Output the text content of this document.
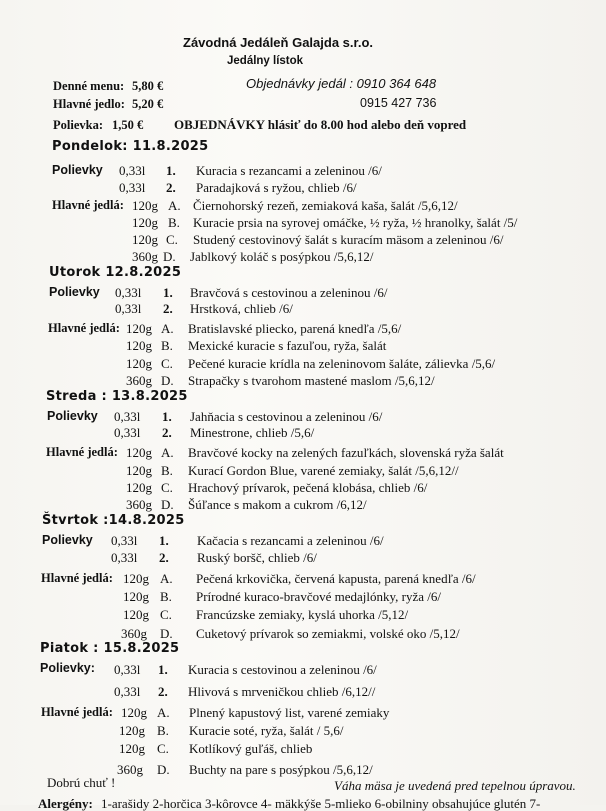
Závodná Jedáleň Galajda s.r.o.
Jedálny lístok
Denné menu: 5,80 €	Objednávky jedál : 0910 364 648
Hlavné jedlo: 5,20 €	0915 427 736
Polievka: 1,50 € OBJEDNÁVKY hlásiť do 8.00 hod alebo deň vopred
Pondelok: 11.8.2025
Polievky 0,33l 1. Kuracia s rezancami a zeleninou /6/
0,33l 2. Paradajková s ryžou, chlieb /6/
Hlavné jedlá: 120g A. Čiernohorský rezeň, zemiaková kaša, šalát /5,6,12/
120g B. Kuracie prsia na syrovej omáčke, ½ ryža, ½ hranolky, šalát /5/
120g C. Studený cestovinový šalát s kuracím mäsom a zeleninou /6/
360g D. Jablkový koláč s posýpkou /5,6,12/
Utorok 12.8.2025
Polievky 0,33l 1. Bravčová s cestovinou a zeleninou /6/
0,33l 2. Hrstková, chlieb /6/
Hlavné jedlá: 120g A. Bratislavské pliecko, parená knedľa /5,6/
120g B. Mexické kuracie s fazuľou, ryža, šalát
120g C. Pečené kuracie krídla na zeleninovom šaláte, zálievka /5,6/
360g D. Strapačky s tvarohom mastené maslom /5,6,12/
Streda : 13.8.2025
Polievky 0,33l 1. Jahňacia s cestovinou a zeleninou /6/
0,33l 2. Minestrone, chlieb /5,6/
Hlavné jedlá: 120g A. Bravčové kocky na zelených fazuľkách, slovenská ryža šalát
120g B. Kurací Gordon Blue, varené zemiaky, šalát /5,6,12//
120g C. Hrachový prívarok, pečená klobása, chlieb /6/
360g D. Šúľance s makom a cukrom /6,12/
Štvrtok :14.8.2025
Polievky 0,33l 1. Kačacia s rezancami a zeleninou /6/
0,33l 2. Ruský boršč, chlieb /6/
Hlavné jedlá: 120g A. Pečená krkovička, červená kapusta, parená knedľa /6/
120g B. Prírodné kuraco-bravčové medajlónky, ryža /6/
120g C. Francúzske zemiaky, kyslá uhorka /5,12/
360g D. Cuketový prívarok so zemiakmi, volské oko /5,12/
Piatok : 15.8.2025
Polievky: 0,33l 1. Kuracia s cestovinou a zeleninou /6/
0,33l 2. Hlivová s mrveničkou chlieb /6,12//
Hlavné jedlá: 120g A. Plnený kapustový list, varené zemiaky
120g B. Kuracie soté, ryža, šalát / 5,6/
120g C. Kotlíkový guľáš, chlieb
360g D. Buchty na pare s posýpkou /5,6,12/
Dobrú chuť !	Váha mäsa je uvedená pred tepelnou úpravou.
Alergény: 1-arašidy 2-horčica 3-kôrovce 4- mäkkýše 5-mlieko 6-obilniny obsahujúce glutén 7-
